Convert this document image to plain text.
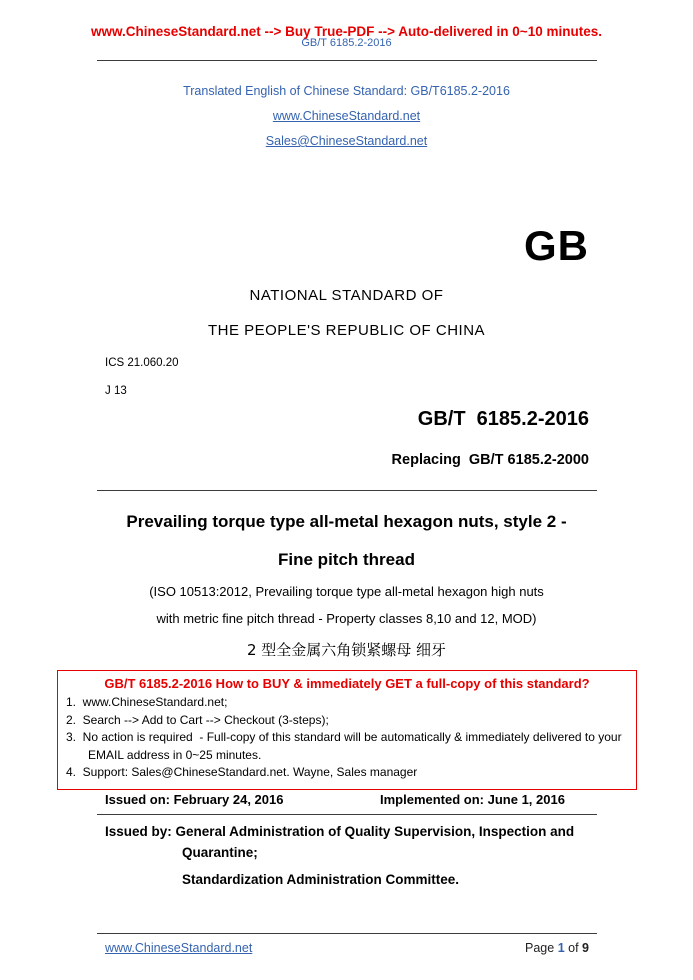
www.ChineseStandard.net --> Buy True-PDF --> Auto-delivered in 0~10 minutes.
GB/T 6185.2-2016
Translated English of Chinese Standard: GB/T6185.2-2016
www.ChineseStandard.net
Sales@ChineseStandard.net
GB
NATIONAL STANDARD OF
THE PEOPLE'S REPUBLIC OF CHINA
ICS 21.060.20
J 13
GB/T  6185.2-2016
Replacing  GB/T 6185.2-2000
Prevailing torque type all-metal hexagon nuts, style 2 -
Fine pitch thread
(ISO 10513:2012, Prevailing torque type all-metal hexagon high nuts
with metric fine pitch thread - Property classes 8,10 and 12, MOD)
2 型全金属六角锁紧螺母 细牙
GB/T 6185.2-2016 How to BUY & immediately GET a full-copy of this standard?
1.  www.ChineseStandard.net;
2.  Search --> Add to Cart --> Checkout (3-steps);
3.  No action is required  - Full-copy of this standard will be automatically & immediately delivered to your EMAIL address in 0~25 minutes.
4.  Support: Sales@ChineseStandard.net. Wayne, Sales manager
Issued on: February 24, 2016	Implemented on: June 1, 2016
Issued by: General Administration of Quality Supervision, Inspection and
Quarantine;
Standardization Administration Committee.
www.ChineseStandard.net	Page 1 of 9
